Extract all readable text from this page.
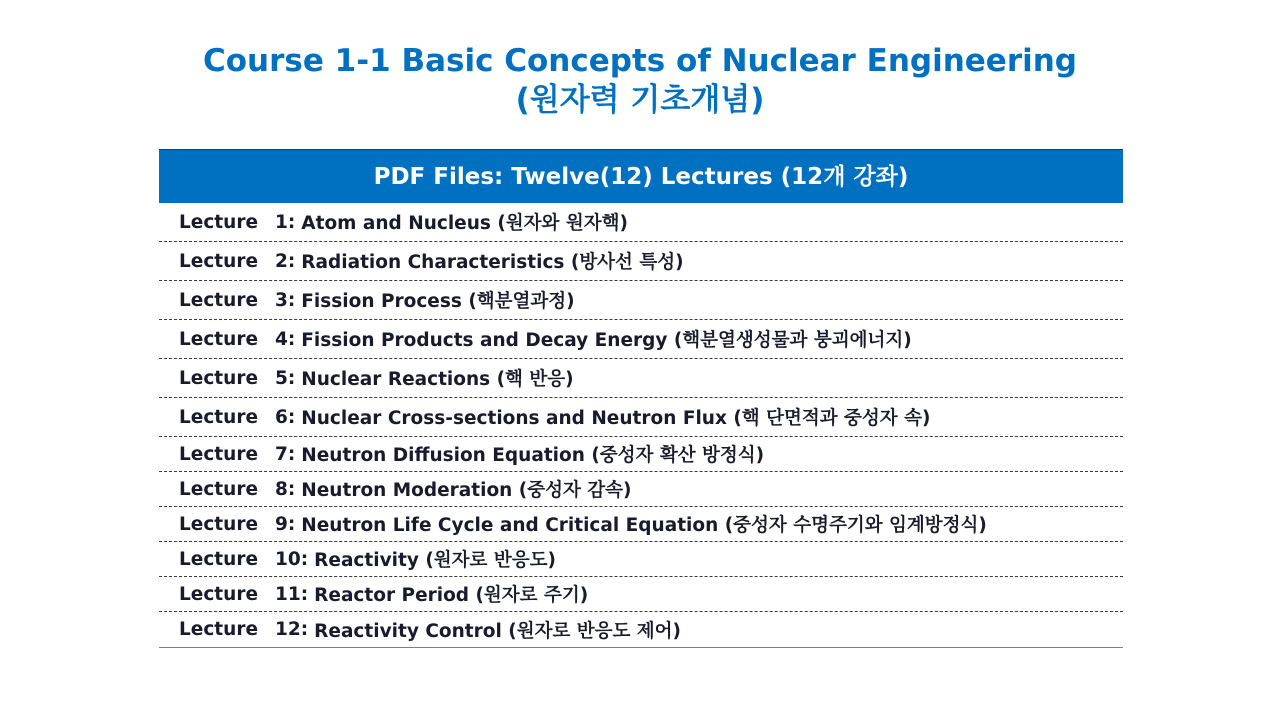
Course 1-1 Basic Concepts of Nuclear Engineering
(원자력 기초개념)
PDF Files: Twelve(12) Lectures (12개 강좌)
Lecture 1: Atom and Nucleus (원자와 원자핵)
Lecture 2: Radiation Characteristics (방사선 특성)
Lecture 3: Fission Process (핵분열과정)
Lecture 4: Fission Products and Decay Energy (핵분열생성물과 붕괴에너지)
Lecture 5: Nuclear Reactions (핵 반응)
Lecture 6: Nuclear Cross-sections and Neutron Flux (핵 단면적과 중성자 속)
Lecture 7: Neutron Diffusion Equation (중성자 확산 방정식)
Lecture 8: Neutron Moderation (중성자 감속)
Lecture 9: Neutron Life Cycle and Critical Equation (중성자 수명주기와 임계방정식)
Lecture 10: Reactivity (원자로 반응도)
Lecture 11: Reactor Period (원자로 주기)
Lecture 12: Reactivity Control (원자로 반응도 제어)
